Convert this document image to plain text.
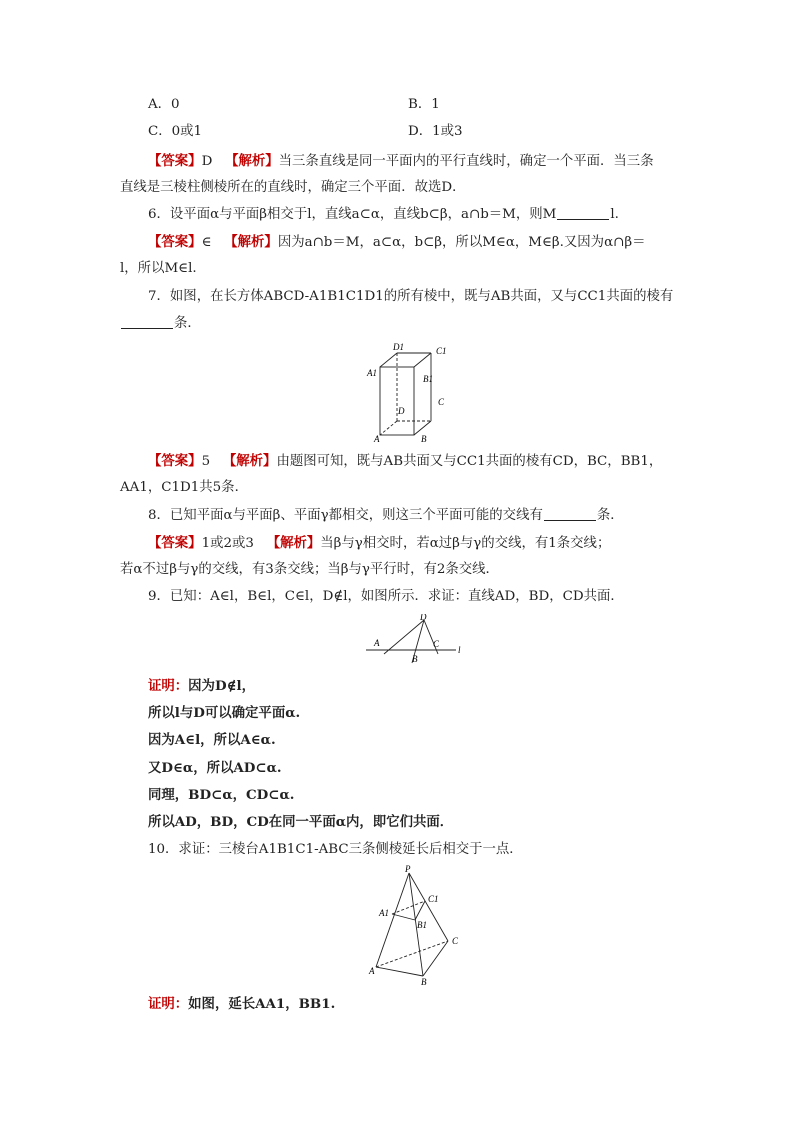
A．0	B．1
C．0或1	D．1或3
【答案】D 【解析】当三条直线是同一平面内的平行直线时，确定一个平面．当三条
直线是三棱柱侧棱所在的直线时，确定三个平面．故选D．
6．设平面α与平面β相交于l，直线a⊂α，直线b⊂β，a∩b＝M，则M	l.
【答案】∈ 【解析】因为a∩b＝M，a⊂α，b⊂β，所以M∈α，M∈β.又因为α∩β＝
l，所以M∈l.
7．如图，在长方体ABCD-A1B1C1D1的所有棱中，既与AB共面，又与CC1共面的棱有
条．
D1	C1
A1
B1
D
C
A	B
【答案】5 【解析】由题图可知，既与AB共面又与CC1共面的棱有CD，BC，BB1，
AA1，C1D1共5条．
8．已知平面α与平面β、平面γ都相交，则这三个平面可能的交线有	条．
【答案】1或2或3 【解析】当β与γ相交时，若α过β与γ的交线，有1条交线；
若α不过β与γ的交线，有3条交线；当β与γ平行时，有2条交线．
9．已知：A∈l，B∈l，C∈l，D∉l，如图所示．求证：直线AD，BD，CD共面．
D
A	C
B
l
证明：因为D∉l，
所以l与D可以确定平面α.
因为A∈l，所以A∈α.
又D∈α，所以AD⊂α.
同理，BD⊂α，CD⊂α.
所以AD，BD，CD在同一平面α内，即它们共面．
10．求证：三棱台A1B1C1-ABC三条侧棱延长后相交于一点．
P
A1
C1
B1
C
A
B
证明：如图，延长AA1，BB1.
